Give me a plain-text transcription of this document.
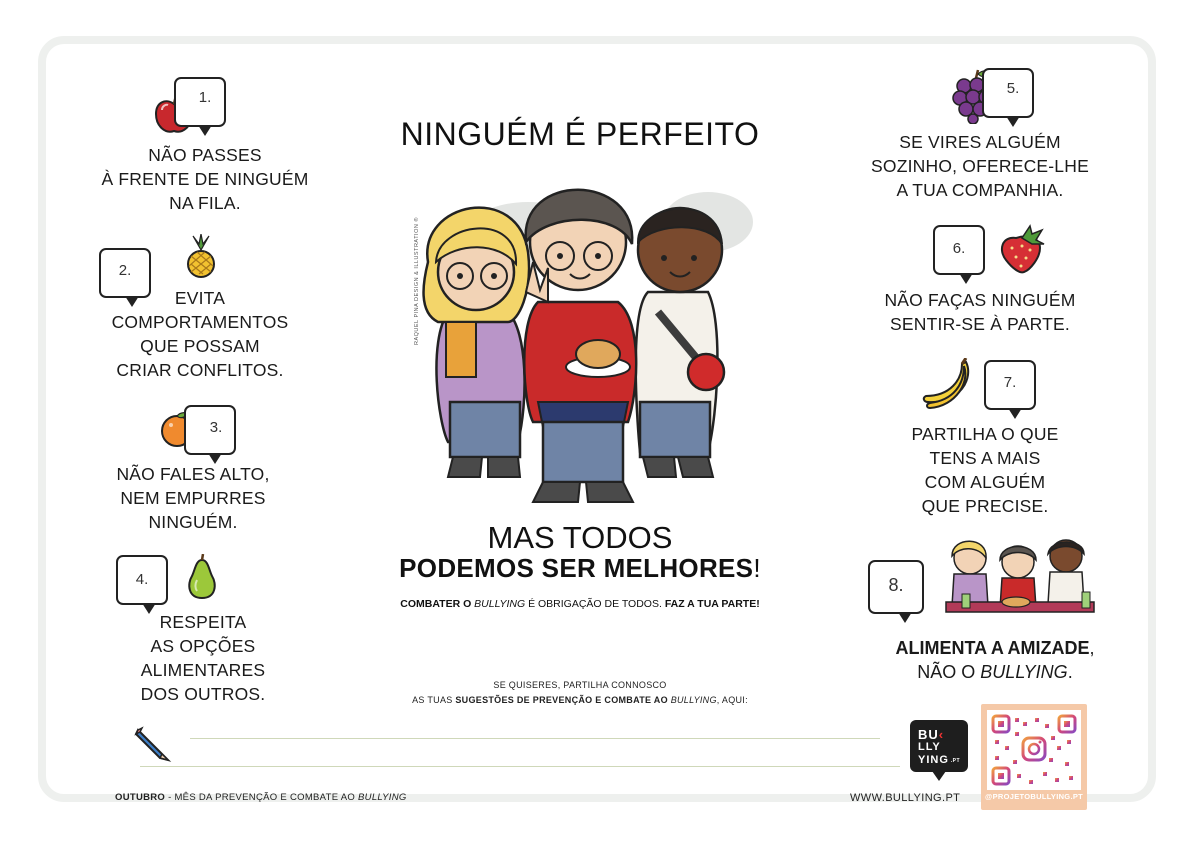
1.
NÃO PASSES
À FRENTE DE NINGUÉM
NA FILA.
2.
EVITA
COMPORTAMENTOS
QUE POSSAM
CRIAR CONFLITOS.
3.
NÃO FALES ALTO,
NEM EMPURRES
NINGUÉM.
4.
RESPEITA
AS OPÇÕES
ALIMENTARES
DOS OUTROS.
NINGUÉM É PERFEITO
RAQUEL PINA DESIGN & ILLUSTRATION ®
MAS TODOS
PODEMOS SER MELHORES!
COMBATER O BULLYING É OBRIGAÇÃO DE TODOS. FAZ A TUA PARTE!
SE QUISERES, PARTILHA CONNOSCO
AS TUAS SUGESTÕES DE PREVENÇÃO E COMBATE AO BULLYING, AQUI:
5.
SE VIRES ALGUÉM
SOZINHO, OFERECE-LHE
A TUA COMPANHIA.
6.
NÃO FAÇAS NINGUÉM
SENTIR-SE À PARTE.
7.
PARTILHA O QUE
TENS A MAIS
COM ALGUÉM
QUE PRECISE.
8.
ALIMENTA A AMIZADE,
NÃO O BULLYING.
BU‹
LLY
YING .PT
@PROJETOBULLYING.PT
OUTUBRO - MÊS DA PREVENÇÃO E COMBATE AO BULLYING	WWW.BULLYING.PT
